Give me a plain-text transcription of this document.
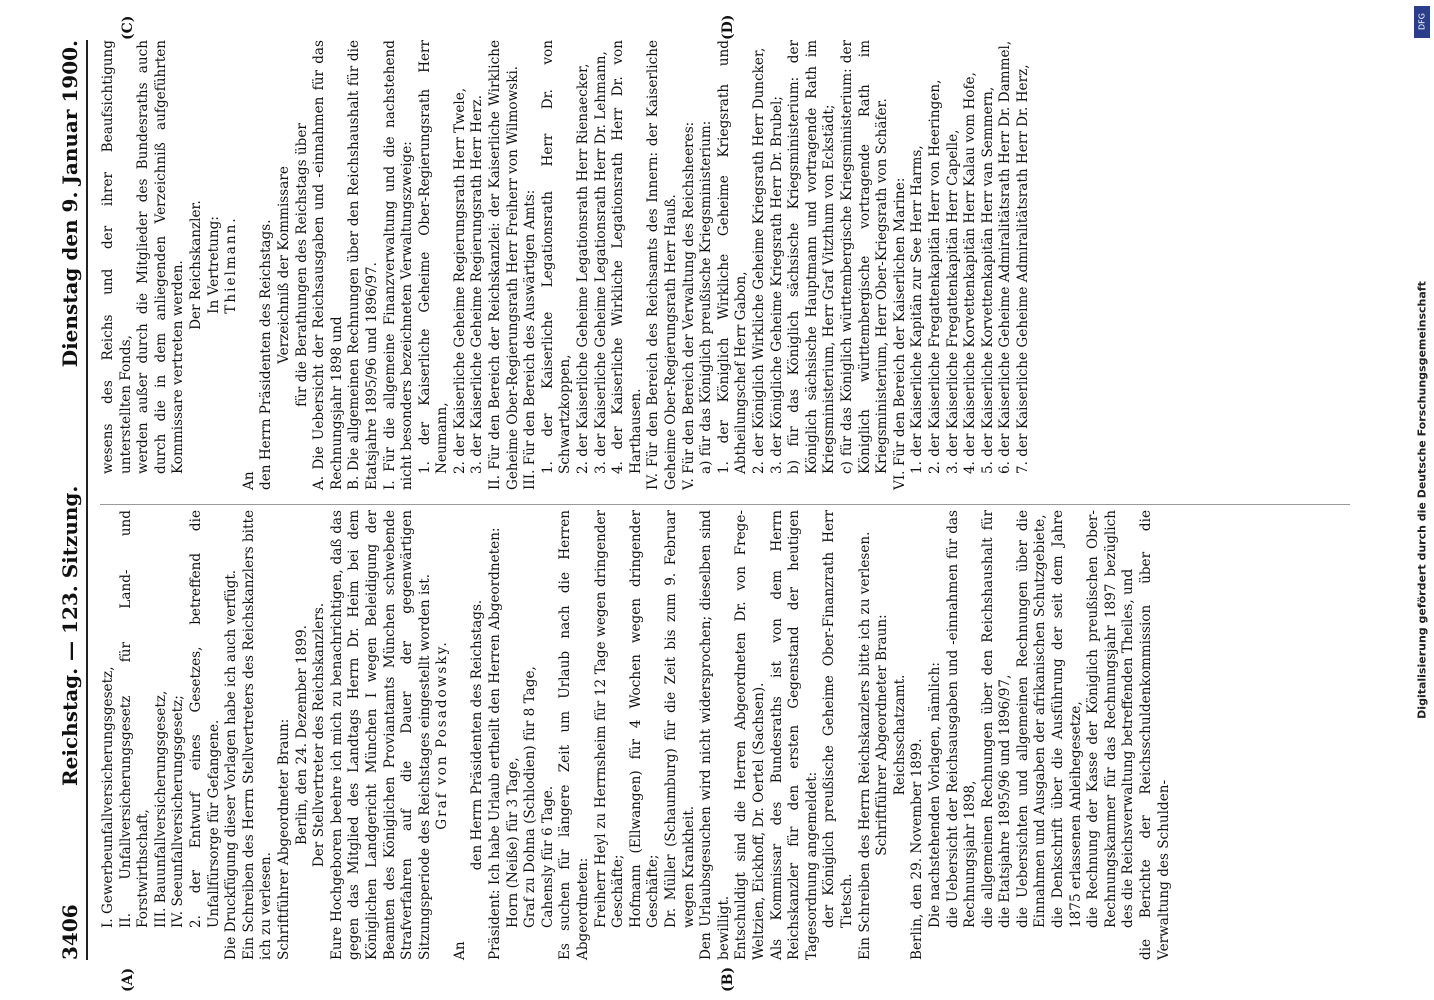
3406
Reichstag. — 123. Sitzung.
Dienstag den 9. Januar 1900.
(A)	(B)
(C)	(D)

I. Gewerbeunfallversicherungsgesetz, II. Unfallversicherungsgesetz für Land- und Forstwirthschaft, III. Bauunfallversicherungsgesetz, IV. Seeunfallversicherungsgesetz; 2. der Entwurf eines Gesetzes, betreffend die Unfallfürsorge für Gefangene. Die Druckfügung dieser Vorlagen habe ich auch verfügt. Ein Schreiben des Herrn Stellvertreters des Reichskanzlers bitte ich zu verlesen. Schriftführer Abgeordneter Braun: Berlin, den 24. Dezember 1899. Der Stellvertreter des Reichskanzlers. Eure Hochgeboren beehre ich mich zu benachrichtigen, daß das gegen das Mitglied des Landtags Herrn Dr. Heim bei dem Königlichen Landgericht München I wegen Beleidigung der Beamten des Königlichen Proviantamts München schwebende Strafverfahren auf die Dauer der gegenwärtigen Sitzungsperiode des Reichstages eingestellt worden ist. Graf von Posadowsky.

An

den Herrn Präsidenten des Reichstags. Präsident: Ich habe Urlaub ertheilt den Herren Abgeordneten: Horn (Neiße) für 3 Tage, Graf zu Dohna (Schlodien) für 8 Tage, Cahensly für 6 Tage. Es suchen für längere Zeit um Urlaub nach die Herren Abgeordneten: Freiherr Heyl zu Herrnsheim für 12 Tage wegen dringender Geschäfte; Hofmann (Ellwangen) für 4 Wochen wegen dringender Geschäfte; Dr. Müller (Schaumburg) für die Zeit bis zum 9. Februar wegen Krankheit. Den Urlaubsgesuchen wird nicht widersprochen; dieselben sind bewilligt. Entschuldigt sind die Herren Abgeordneten Dr. von Frege-Weltzien, Eickhoff, Dr. Oertel (Sachsen). Als Kommissar des Bundesraths ist von dem Herrn Reichskanzler für den ersten Gegenstand der heutigen Tagesordnung angemeldet: der Königlich preußische Geheime Ober-Finanzrath Herr Tietsch. Ein Schreiben des Herrn Reichskanzlers bitte ich zu verlesen. Schriftführer Abgeordneter Braun: Reichsschatzamt.

Berlin, den 29. November 1899. Die nachstehenden Vorlagen, nämlich: die Uebersicht der Reichsausgaben und -einnahmen für das Rechnungsjahr 1898, die allgemeinen Rechnungen über den Reichshaushalt für die Etatsjahre 1895/96 und 1896/97, die Uebersichten und allgemeinen Rechnungen über die Einnahmen und Ausgaben der afrikanischen Schutzgebiete, die Denkschrift über die Ausführung der seit dem Jahre 1875 erlassenen Anleihegesetze, die Rechnung der Kasse der Königlich preußischen Ober-Rechnungskammer für das Rechnungsjahr 1897 bezüglich des die Reichsverwaltung betreffenden Theiles, und die Berichte der Reichsschuldenkommission über die Verwaltung des Schulden-

wesens des Reichs und der ihrer Beaufsichtigung unterstellten Fonds, werden außer durch die Mitglieder des Bundesraths auch durch die in dem anliegenden Verzeichniß aufgeführten Kommissare vertreten werden. Der Reichskanzler. In Vertretung: Thielmann.

An den Herrn Präsidenten des Reichstags. Verzeichniß der Kommissare für die Berathungen des Reichstags über A. Die Uebersicht der Reichsausgaben und -einnahmen für das Rechnungsjahr 1898 und B. Die allgemeinen Rechnungen über den Reichshaushalt für die Etatsjahre 1895/96 und 1896/97. I. Für die allgemeine Finanzverwaltung und die nachstehend nicht besonders bezeichneten Verwaltungszweige: 1. der Kaiserliche Geheime Ober-Regierungsrath Herr Neumann, 2. der Kaiserliche Geheime Regierungsrath Herr Twele, 3. der Kaiserliche Geheime Regierungsrath Herr Herz. II. Für den Bereich der Reichskanzlei: der Kaiserliche Wirkliche Geheime Ober-Regierungsrath Herr Freiherr von Wilmowski. III. Für den Bereich des Auswärtigen Amts: 1. der Kaiserliche Legationsrath Herr Dr. von Schwartzkoppen, 2. der Kaiserliche Geheime Legationsrath Herr Rienaecker, 3. der Kaiserliche Geheime Legationsrath Herr Dr. Lehmann, 4. der Kaiserliche Wirkliche Legationsrath Herr Dr. von Harthausen. IV. Für den Bereich des Reichsamts des Innern: der Kaiserliche Geheime Ober-Regierungsrath Herr Hauß. V. Für den Bereich der Verwaltung des Reichsheeres: a) für das Königlich preußische Kriegsministerium: 1. der Königlich Wirkliche Geheime Kriegsrath und Abtheilungschef Herr Gabon, 2. der Königlich Wirkliche Geheime Kriegsrath Herr Duncker, 3. der Königliche Geheime Kriegsrath Herr Dr. Brubel; b) für das Königlich sächsische Kriegsministerium: der Königlich sächsische Hauptmann und vortragende Rath im Kriegsministerium, Herr Graf Vitzthum von Eckstädt; c) für das Königlich württembergische Kriegsministerium: der Königlich württembergische vortragende Rath im Kriegsministerium, Herr Ober-Kriegsrath von Schäfer. VI. Für den Bereich der Kaiserlichen Marine: 1. der Kaiserliche Kapitän zur See Herr Harms, 2. der Kaiserliche Fregattenkapitän Herr von Heeringen, 3. der Kaiserliche Fregattenkapitän Herr Capelle, 4. der Kaiserliche Korvettenkapitän Herr Kalau vom Hofe, 5. der Kaiserliche Korvettenkapitän Herr van Semmern, 6. der Kaiserliche Geheime Admiralitätsrath Herr Dr. Dammel, 7. der Kaiserliche Geheime Admiralitätsrath Herr Dr. Herz,

Digitalisierung gefördert durch die Deutsche Forschungsgemeinschaft
DFG
